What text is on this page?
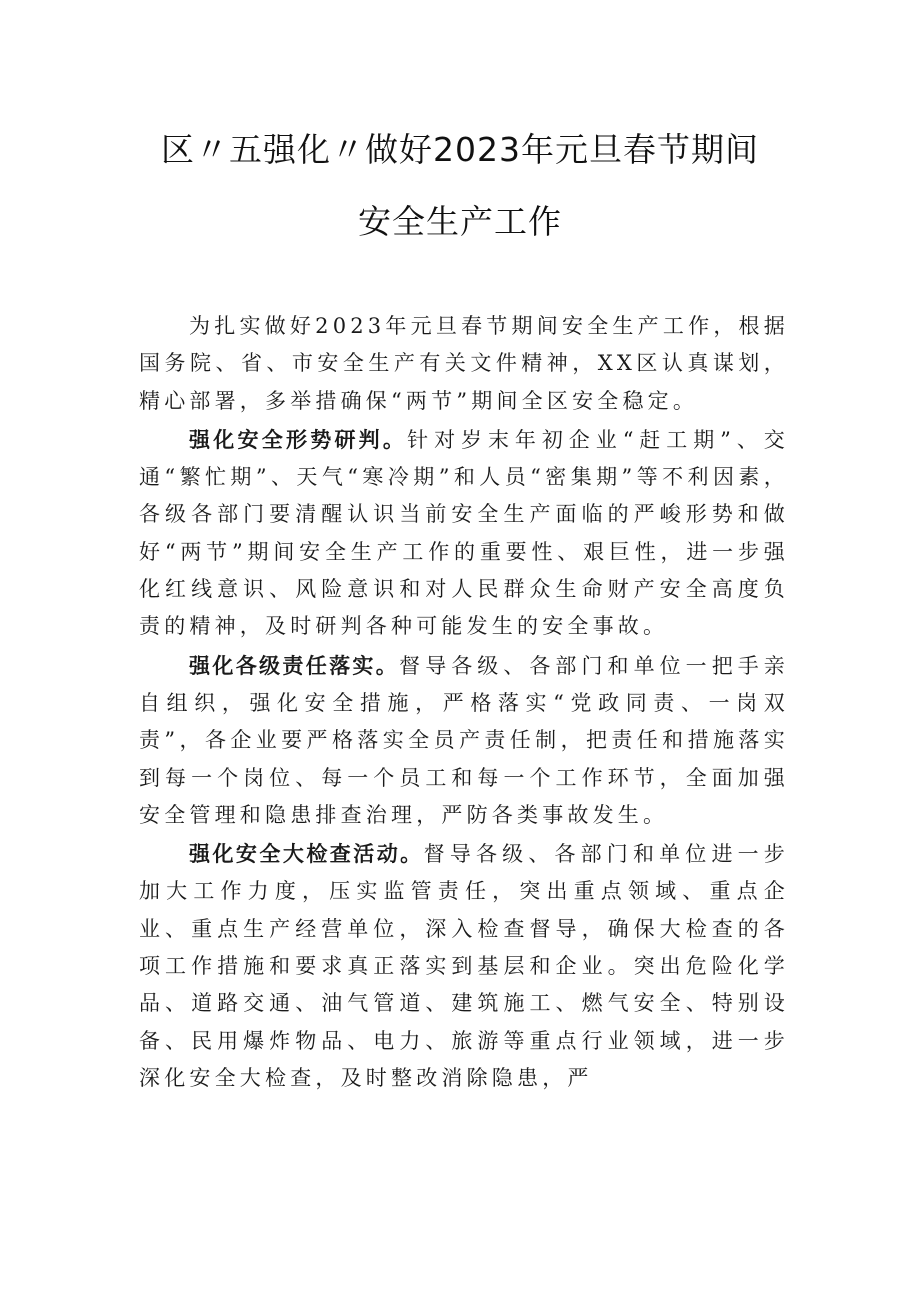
区〃五强化〃做好2023年元旦春节期间
安全生产工作

为扎实做好2023年元旦春节期间安全生产工作，根据国务院、省、市安全生产有关文件精神，XX区认真谋划，精心部署，多举措确保“两节”期间全区安全稳定。

强化安全形势研判。针对岁末年初企业“赶工期”、交通“繁忙期”、天气“寒冷期”和人员“密集期”等不利因素，各级各部门要清醒认识当前安全生产面临的严峻形势和做好“两节”期间安全生产工作的重要性、艰巨性，进一步强化红线意识、风险意识和对人民群众生命财产安全高度负责的精神，及时研判各种可能发生的安全事故。

强化各级责任落实。督导各级、各部门和单位一把手亲自组织，强化安全措施，严格落实“党政同责、一岗双责”，各企业要严格落实全员产责任制，把责任和措施落实到每一个岗位、每一个员工和每一个工作环节，全面加强安全管理和隐患排查治理，严防各类事故发生。

强化安全大检查活动。督导各级、各部门和单位进一步加大工作力度，压实监管责任，突出重点领域、重点企业、重点生产经营单位，深入检查督导，确保大检查的各项工作措施和要求真正落实到基层和企业。突出危险化学品、道路交通、油气管道、建筑施工、燃气安全、特别设备、民用爆炸物品、电力、旅游等重点行业领域，进一步深化安全大检查，及时整改消除隐患，严
